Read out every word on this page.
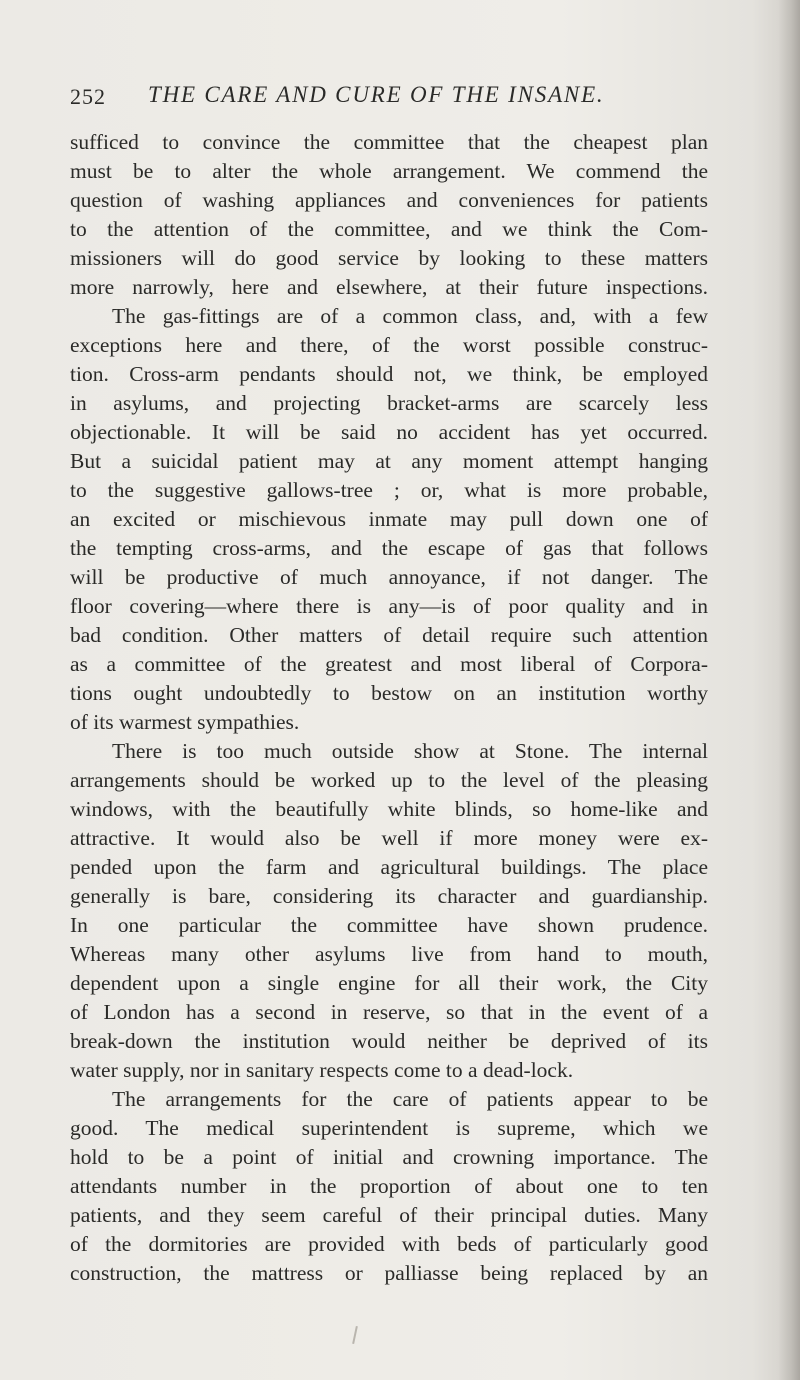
252 THE CARE AND CURE OF THE INSANE.
sufficed to convince the committee that the cheapest plan
must be to alter the whole arrangement. We commend the
question of washing appliances and conveniences for patients
to the attention of the committee, and we think the Com-
missioners will do good service by looking to these matters
more narrowly, here and elsewhere, at their future inspections.
The gas-fittings are of a common class, and, with a few
exceptions here and there, of the worst possible construc-
tion. Cross-arm pendants should not, we think, be employed
in asylums, and projecting bracket-arms are scarcely less
objectionable. It will be said no accident has yet occurred.
But a suicidal patient may at any moment attempt hanging
to the suggestive gallows-tree ; or, what is more probable,
an excited or mischievous inmate may pull down one of
the tempting cross-arms, and the escape of gas that follows
will be productive of much annoyance, if not danger. The
floor covering—where there is any—is of poor quality and in
bad condition. Other matters of detail require such attention
as a committee of the greatest and most liberal of Corpora-
tions ought undoubtedly to bestow on an institution worthy
of its warmest sympathies.
There is too much outside show at Stone. The internal
arrangements should be worked up to the level of the pleasing
windows, with the beautifully white blinds, so home-like and
attractive. It would also be well if more money were ex-
pended upon the farm and agricultural buildings. The place
generally is bare, considering its character and guardianship.
In one particular the committee have shown prudence.
Whereas many other asylums live from hand to mouth,
dependent upon a single engine for all their work, the City
of London has a second in reserve, so that in the event of a
break-down the institution would neither be deprived of its
water supply, nor in sanitary respects come to a dead-lock.
The arrangements for the care of patients appear to be
good. The medical superintendent is supreme, which we
hold to be a point of initial and crowning importance. The
attendants number in the proportion of about one to ten
patients, and they seem careful of their principal duties. Many
of the dormitories are provided with beds of particularly good
construction, the mattress or palliasse being replaced by an
